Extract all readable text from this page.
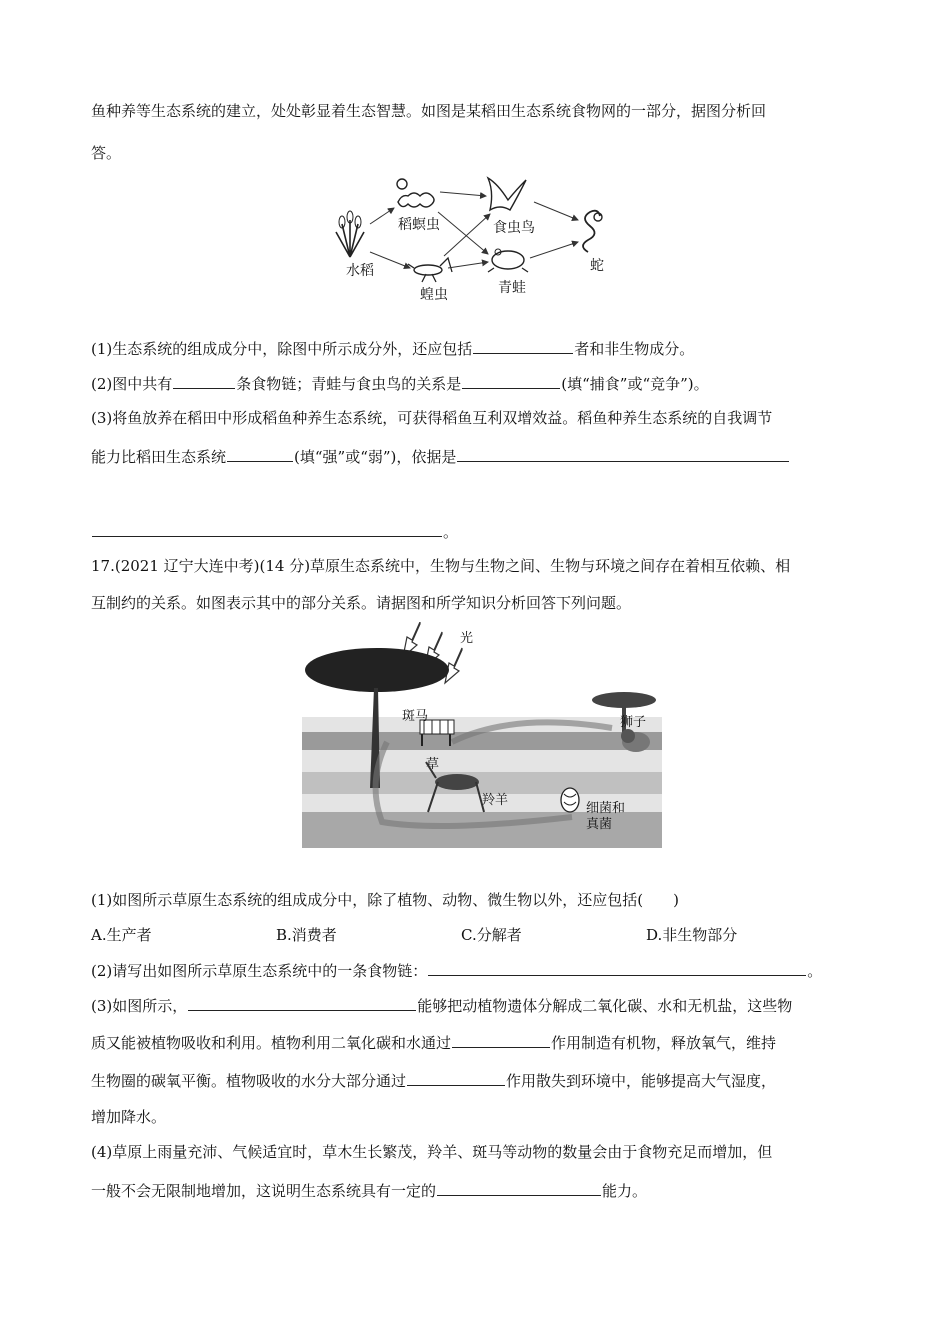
鱼种养等生态系统的建立，处处彰显着生态智慧。如图是某稻田生态系统食物网的一部分，据图分析回
答。
水稻
稻螟虫
蝗虫
食虫鸟
青蛙
蛇
(1)生态系统的组成成分中，除图中所示成分外，还应包括	者和非生物成分。
(2)图中共有	条食物链；青蛙与食虫鸟的关系是	(填“捕食”或“竞争”)。
(3)将鱼放养在稻田中形成稻鱼种养生态系统，可获得稻鱼互利双增效益。稻鱼种养生态系统的自我调节
能力比稻田生态系统	(填“强”或“弱”)，依据是
。
17.(2021 辽宁大连中考)(14 分)草原生态系统中，生物与生物之间、生物与环境之间存在着相互依赖、相
互制约的关系。如图表示其中的部分关系。请据图和所学知识分析回答下列问题。
光
斑马	狮子
草
羚羊
细菌和
真菌
(1)如图所示草原生态系统的组成成分中，除了植物、动物、微生物以外，还应包括(　　)
A.生产者	B.消费者	C.分解者	D.非生物部分
(2)请写出如图所示草原生态系统中的一条食物链：	。
(3)如图所示，	能够把动植物遗体分解成二氧化碳、水和无机盐，这些物
质又能被植物吸收和利用。植物利用二氧化碳和水通过	作用制造有机物，释放氧气，维持
生物圈的碳氧平衡。植物吸收的水分大部分通过	作用散失到环境中，能够提高大气湿度，
增加降水。
(4)草原上雨量充沛、气候适宜时，草木生长繁茂，羚羊、斑马等动物的数量会由于食物充足而增加，但
一般不会无限制地增加，这说明生态系统具有一定的	能力。
